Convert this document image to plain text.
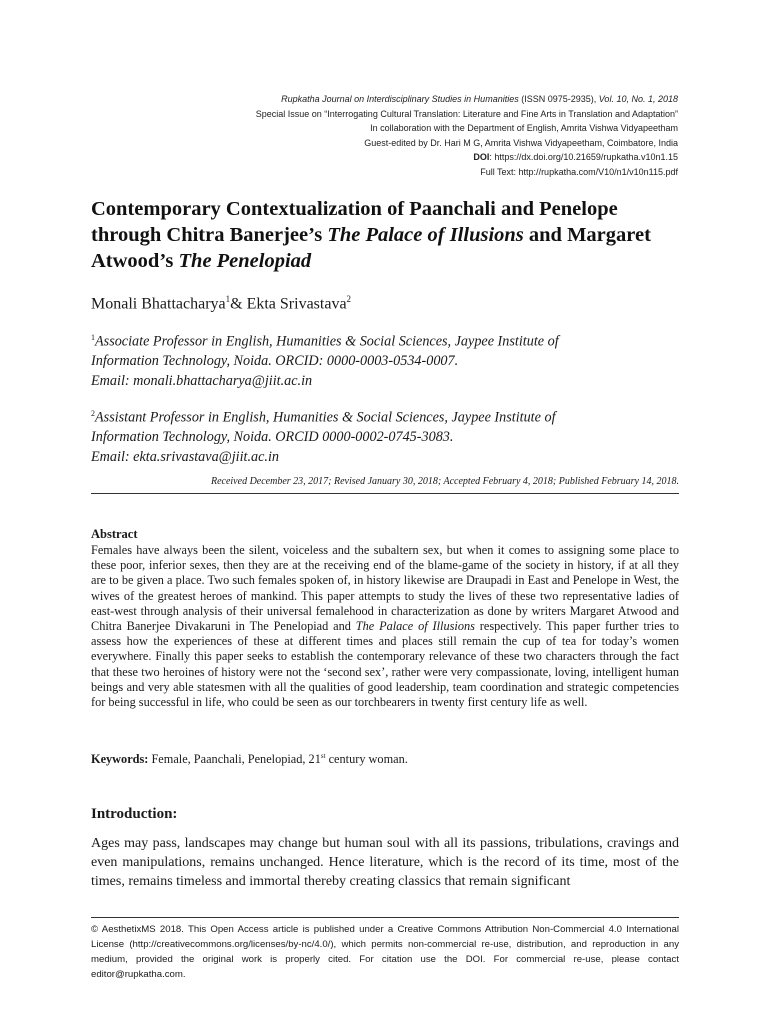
Rupkatha Journal on Interdisciplinary Studies in Humanities (ISSN 0975-2935), Vol. 10, No. 1, 2018
Special Issue on “Interrogating Cultural Translation: Literature and Fine Arts in Translation and Adaptation”
In collaboration with the Department of English, Amrita Vishwa Vidyapeetham
Guest-edited by Dr. Hari M G, Amrita Vishwa Vidyapeetham, Coimbatore, India
DOI: https://dx.doi.org/10.21659/rupkatha.v10n1.15
Full Text: http://rupkatha.com/V10/n1/v10n115.pdf
Contemporary Contextualization of Paanchali and Penelope through Chitra Banerjee’s The Palace of Illusions and Margaret Atwood’s The Penelopiad
Monali Bhattacharya$^1$& Ekta Srivastava$^2$
$^1$Associate Professor in English, Humanities & Social Sciences, Jaypee Institute of
Information Technology, Noida. ORCID: 0000-0003-0534-0007.
Email: monali.bhattacharya@jiit.ac.in
$^2$Assistant Professor in English, Humanities & Social Sciences, Jaypee Institute of
Information Technology, Noida. ORCID 0000-0002-0745-3083.
Email: ekta.srivastava@jiit.ac.in
Received December 23, 2017; Revised January 30, 2018; Accepted February 4, 2018; Published February 14, 2018.
Abstract

Females have always been the silent, voiceless and the subaltern sex, but when it comes to assigning some place to these poor, inferior sexes, then they are at the receiving end of the blame-game of the society in history, if at all they are to be given a place. Two such females spoken of, in history likewise are Draupadi in East and Penelope in West, the wives of the greatest heroes of mankind. This paper attempts to study the lives of these two representative ladies of east-west through analysis of their universal femalehood in characterization as done by writers Margaret Atwood and Chitra Banerjee Divakaruni in The Penelopiad and The Palace of Illusions respectively. This paper further tries to assess how the experiences of these at different times and places still remain the cup of tea for today’s women everywhere. Finally this paper seeks to establish the contemporary relevance of these two characters through the fact that these two heroines of history were not the ‘second sex’, rather were very compassionate, loving, intelligent human beings and very able statesmen with all the qualities of good leadership, team coordination and strategic competencies for being successful in life, who could be seen as our torchbearers in twenty first century life as well.

Keywords: Female, Paanchali, Penelopiad, 21st century woman.
Introduction:

Ages may pass, landscapes may change but human soul with all its passions, tribulations, cravings and even manipulations, remains unchanged. Hence literature, which is the record of its time, most of the times, remains timeless and immortal thereby creating classics that remain significant

© AesthetixMS 2018. This Open Access article is published under a Creative Commons Attribution Non-Commercial 4.0 International License (http://creativecommons.org/licenses/by-nc/4.0/), which permits non-commercial re-use, distribution, and reproduction in any medium, provided the original work is properly cited. For citation use the DOI. For commercial re-use, please contact editor@rupkatha.com.
